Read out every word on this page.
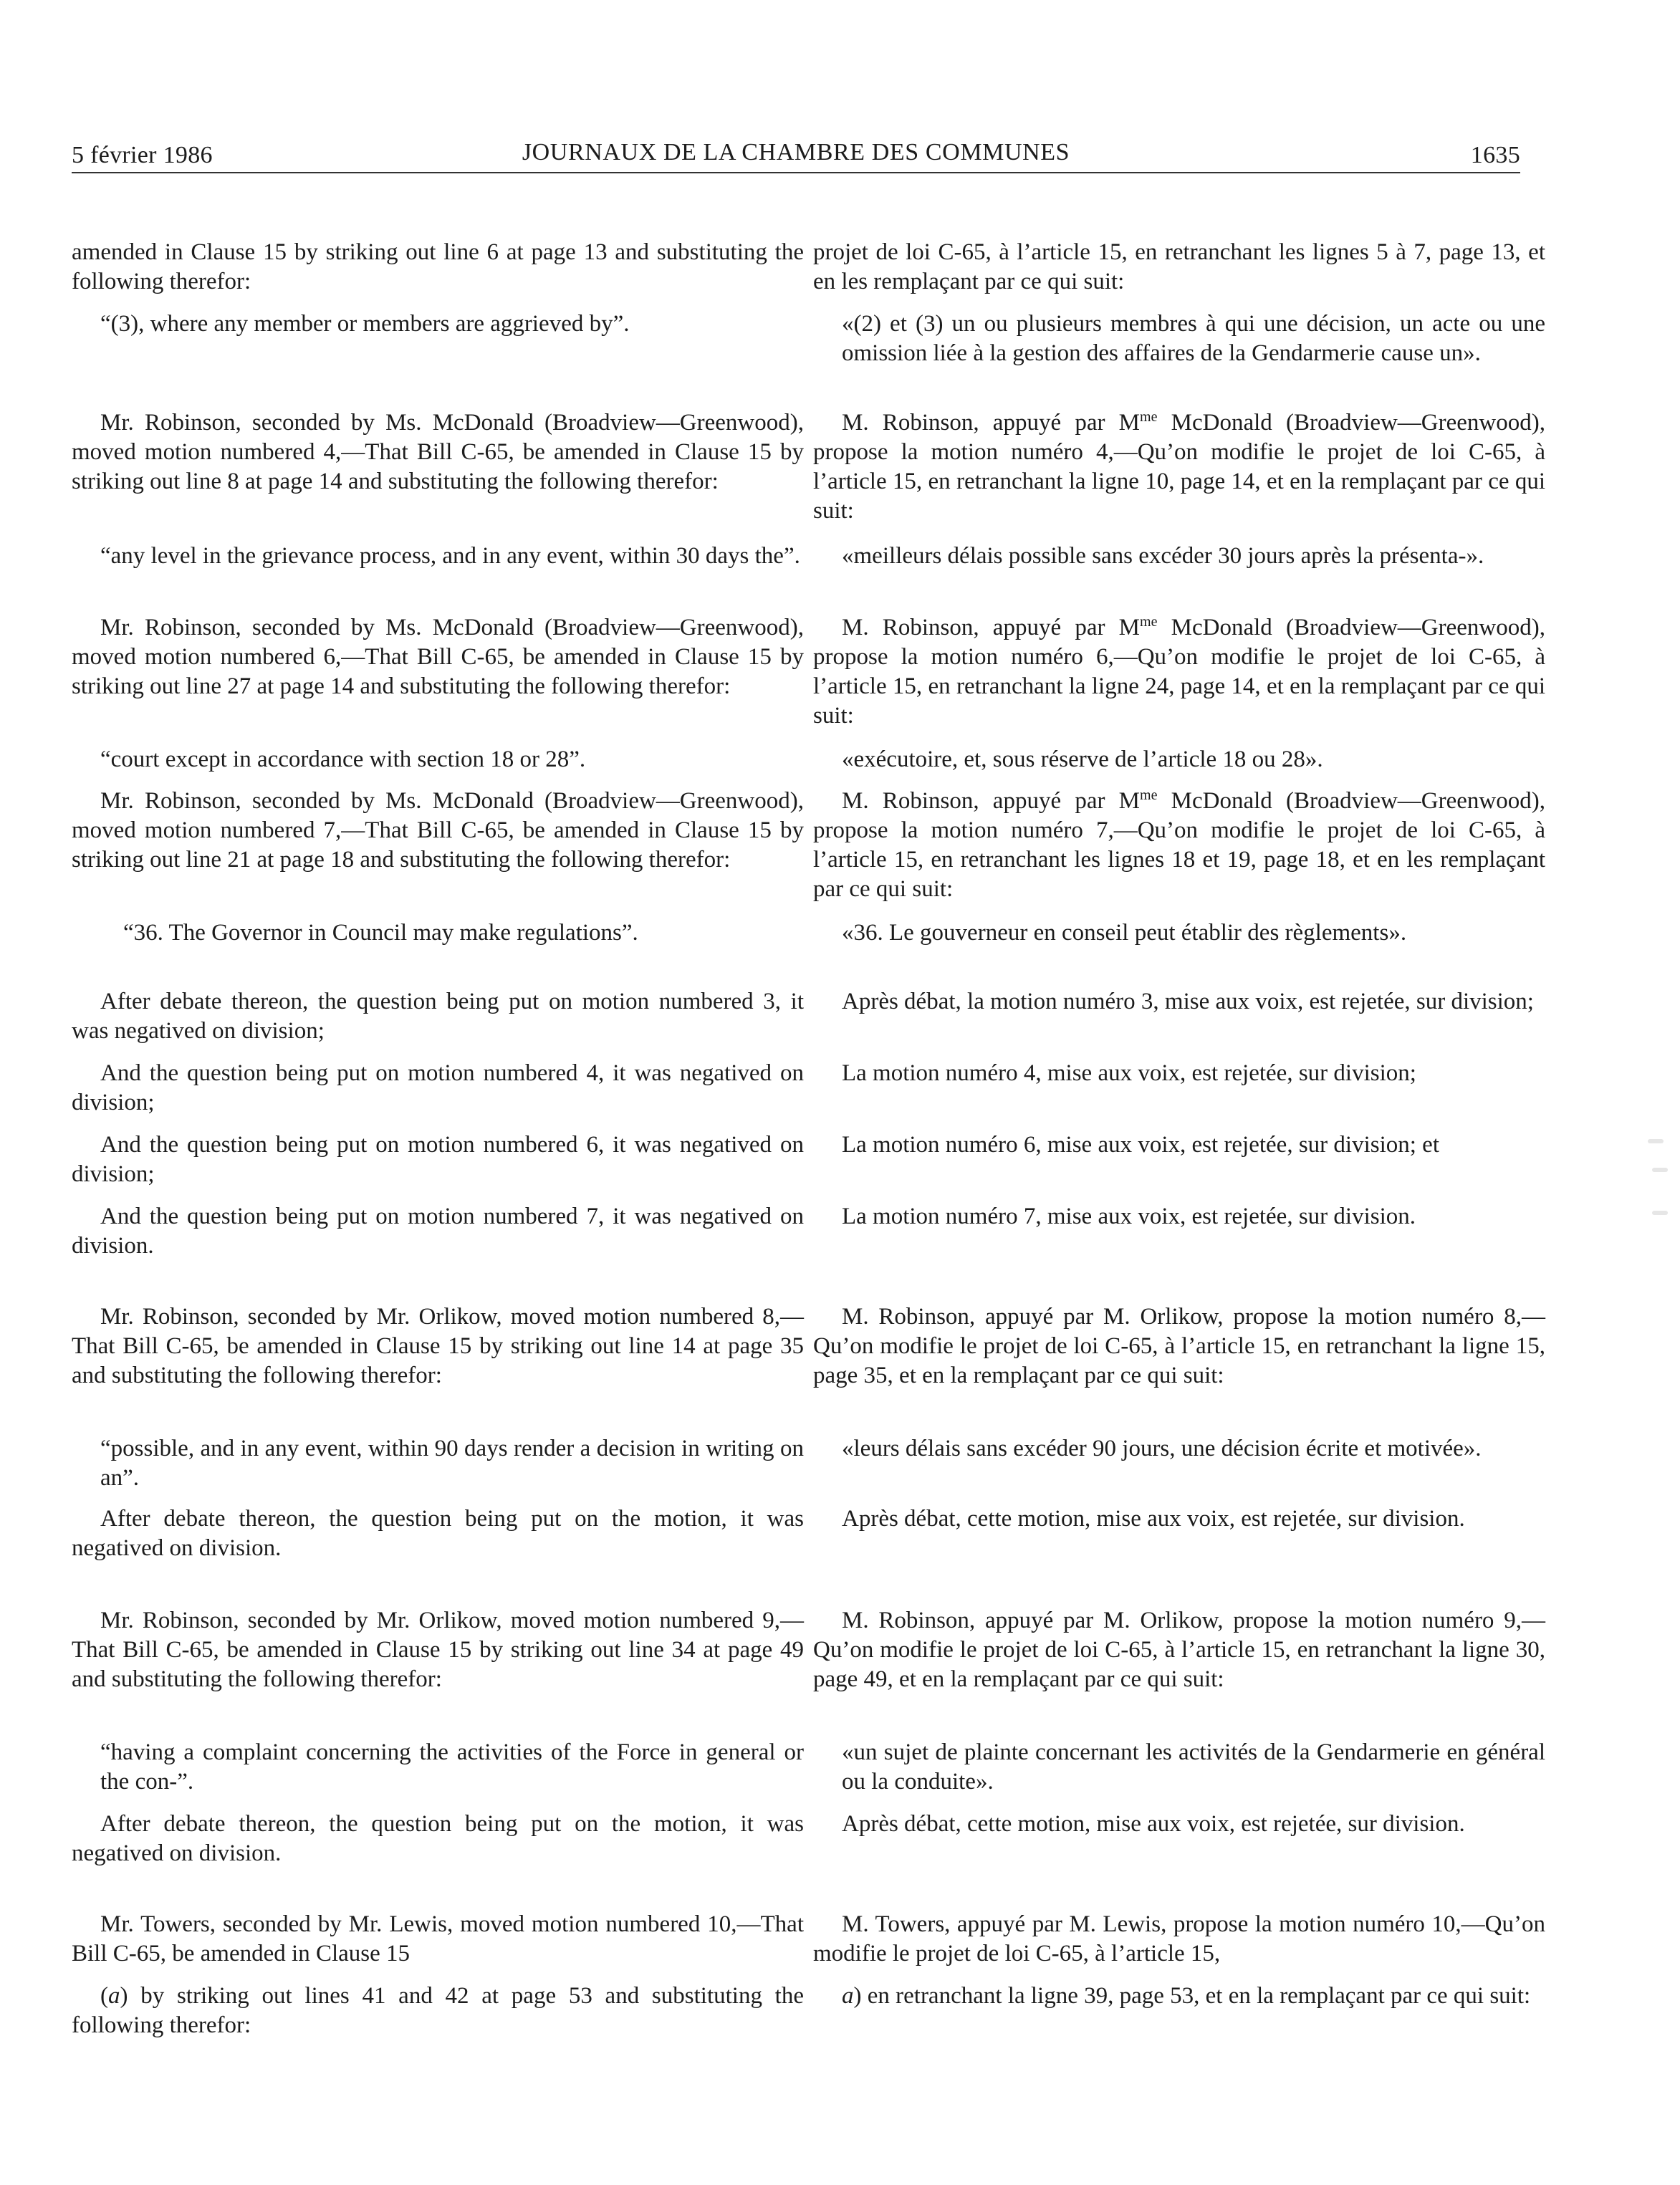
5 février 1986	JOURNAUX DE LA CHAMBRE DES COMMUNES	1635

amended in Clause 15 by striking out line 6 at page 13 and substituting the following therefor:

“(3), where any member or members are aggrieved by”.

Mr. Robinson, seconded by Ms. McDonald (Broadview—Greenwood), moved motion numbered 4,—That Bill C-65, be amended in Clause 15 by striking out line 8 at page 14 and substituting the following therefor:

“any level in the grievance process, and in any event, within 30 days the”.

Mr. Robinson, seconded by Ms. McDonald (Broadview—Greenwood), moved motion numbered 6,—That Bill C-65, be amended in Clause 15 by striking out line 27 at page 14 and substituting the following therefor:

“court except in accordance with section 18 or 28”.

Mr. Robinson, seconded by Ms. McDonald (Broadview—Greenwood), moved motion numbered 7,—That Bill C-65, be amended in Clause 15 by striking out line 21 at page 18 and substituting the following therefor:

“36. The Governor in Council may make regulations”.

After debate thereon, the question being put on motion numbered 3, it was negatived on division;

And the question being put on motion numbered 4, it was negatived on division;

And the question being put on motion numbered 6, it was negatived on division;

And the question being put on motion numbered 7, it was negatived on division.

Mr. Robinson, seconded by Mr. Orlikow, moved motion numbered 8,—That Bill C-65, be amended in Clause 15 by striking out line 14 at page 35 and substituting the following therefor:

“possible, and in any event, within 90 days render a decision in writing on an”.

After debate thereon, the question being put on the motion, it was negatived on division.

Mr. Robinson, seconded by Mr. Orlikow, moved motion numbered 9,—That Bill C-65, be amended in Clause 15 by striking out line 34 at page 49 and substituting the following therefor:

“having a complaint concerning the activities of the Force in general or the con-”.

After debate thereon, the question being put on the motion, it was negatived on division.

Mr. Towers, seconded by Mr. Lewis, moved motion numbered 10,—That Bill C-65, be amended in Clause 15

(a) by striking out lines 41 and 42 at page 53 and substituting the following therefor:

projet de loi C-65, à l’article 15, en retranchant les lignes 5 à 7, page 13, et en les remplaçant par ce qui suit:

«(2) et (3) un ou plusieurs membres à qui une décision, un acte ou une omission liée à la gestion des affaires de la Gendarmerie cause un».

M. Robinson, appuyé par $M^{me}$ McDonald (Broadview—Greenwood), propose la motion numéro 4,—Qu’on modifie le projet de loi C-65, à l’article 15, en retranchant la ligne 10, page 14, et en la remplaçant par ce qui suit:

«meilleurs délais possible sans excéder 30 jours après la présenta-».

M. Robinson, appuyé par $M^{me}$ McDonald (Broadview—Greenwood), propose la motion numéro 6,—Qu’on modifie le projet de loi C-65, à l’article 15, en retranchant la ligne 24, page 14, et en la remplaçant par ce qui suit:

«exécutoire, et, sous réserve de l’article 18 ou 28».

M. Robinson, appuyé par $M^{me}$ McDonald (Broadview—Greenwood), propose la motion numéro 7,—Qu’on modifie le projet de loi C-65, à l’article 15, en retranchant les lignes 18 et 19, page 18, et en les remplaçant par ce qui suit:

«36. Le gouverneur en conseil peut établir des règlements».

Après débat, la motion numéro 3, mise aux voix, est rejetée, sur division;

La motion numéro 4, mise aux voix, est rejetée, sur division;

La motion numéro 6, mise aux voix, est rejetée, sur division; et

La motion numéro 7, mise aux voix, est rejetée, sur division.

M. Robinson, appuyé par M. Orlikow, propose la motion numéro 8,—Qu’on modifie le projet de loi C-65, à l’article 15, en retranchant la ligne 15, page 35, et en la remplaçant par ce qui suit:

«leurs délais sans excéder 90 jours, une décision écrite et motivée».

Après débat, cette motion, mise aux voix, est rejetée, sur division.

M. Robinson, appuyé par M. Orlikow, propose la motion numéro 9,—Qu’on modifie le projet de loi C-65, à l’article 15, en retranchant la ligne 30, page 49, et en la remplaçant par ce qui suit:

«un sujet de plainte concernant les activités de la Gendarmerie en général ou la conduite».

Après débat, cette motion, mise aux voix, est rejetée, sur division.

M. Towers, appuyé par M. Lewis, propose la motion numéro 10,—Qu’on modifie le projet de loi C-65, à l’article 15,

a) en retranchant la ligne 39, page 53, et en la remplaçant par ce qui suit:
